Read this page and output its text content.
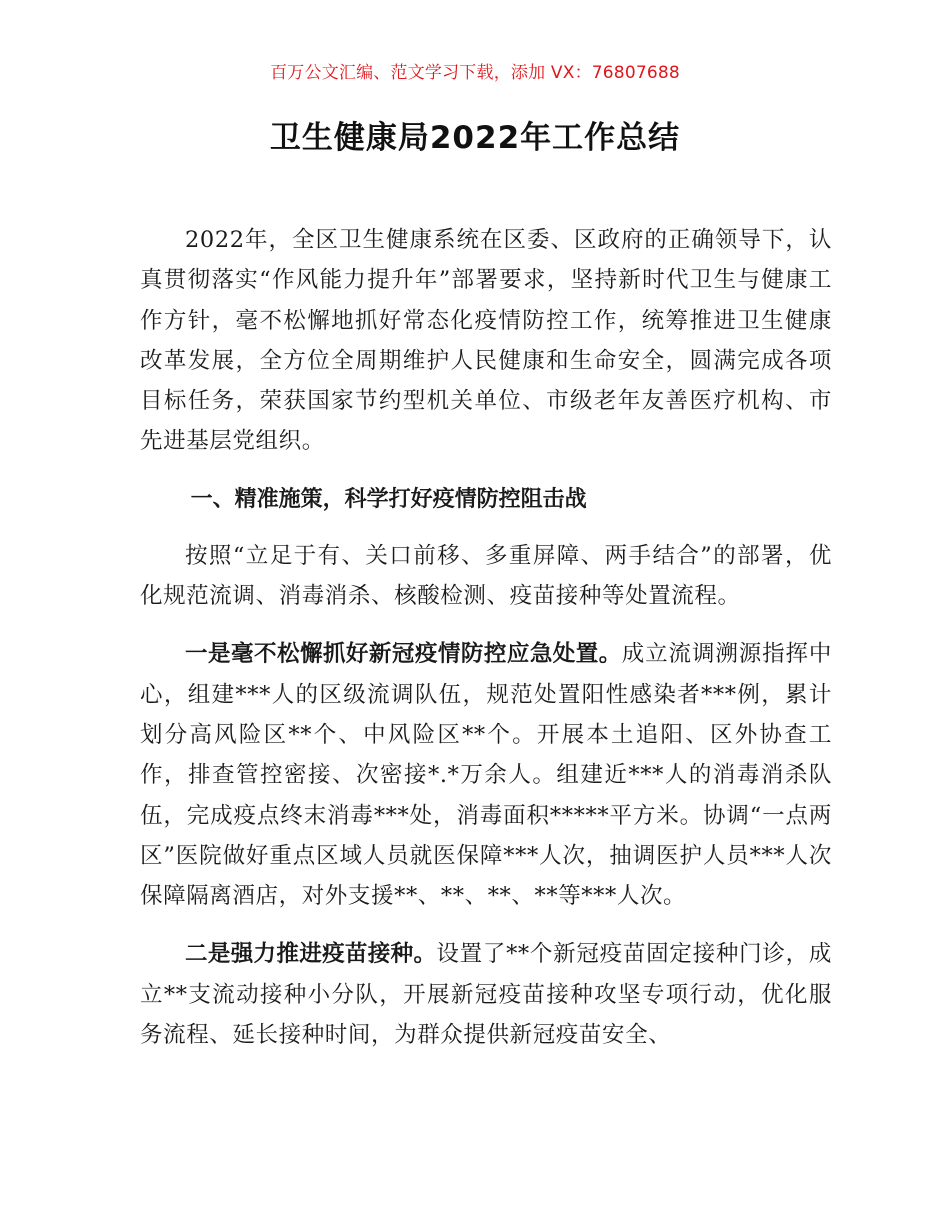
百万公文汇编、范文学习下载，添加 VX：76807688
卫生健康局2022年工作总结

2022年，全区卫生健康系统在区委、区政府的正确领导下，认真贯彻落实“作风能力提升年”部署要求，坚持新时代卫生与健康工作方针，毫不松懈地抓好常态化疫情防控工作，统筹推进卫生健康改革发展，全方位全周期维护人民健康和生命安全，圆满完成各项目标任务，荣获国家节约型机关单位、市级老年友善医疗机构、市先进基层党组织。

一、精准施策，科学打好疫情防控阻击战

按照“立足于有、关口前移、多重屏障、两手结合”的部署，优化规范流调、消毒消杀、核酸检测、疫苗接种等处置流程。

一是毫不松懈抓好新冠疫情防控应急处置。成立流调溯源指挥中心，组建***人的区级流调队伍，规范处置阳性感染者***例，累计划分高风险区**个、中风险区**个。开展本土追阳、区外协查工作，排查管控密接、次密接*.*万余人。组建近***人的消毒消杀队伍，完成疫点终末消毒***处，消毒面积*****平方米。协调“一点两区”医院做好重点区域人员就医保障***人次，抽调医护人员***人次保障隔离酒店，对外支援**、**、**、**等***人次。

二是强力推进疫苗接种。设置了**个新冠疫苗固定接种门诊，成立**支流动接种小分队，开展新冠疫苗接种攻坚专项行动，优化服务流程、延长接种时间，为群众提供新冠疫苗安全、
